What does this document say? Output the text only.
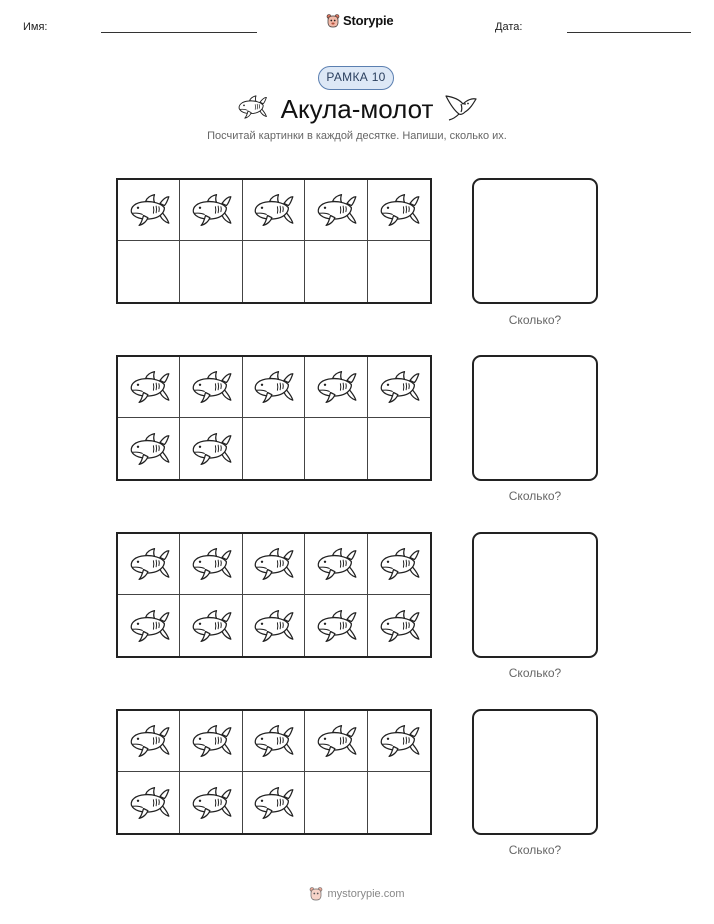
Имя:	Storypie	Дата:
РАМКА 10
Акула-молот
Посчитай картинки в каждой десятке. Напиши, сколько их.
Сколько?
Сколько?
Сколько?
Сколько?
mystorypie.com
